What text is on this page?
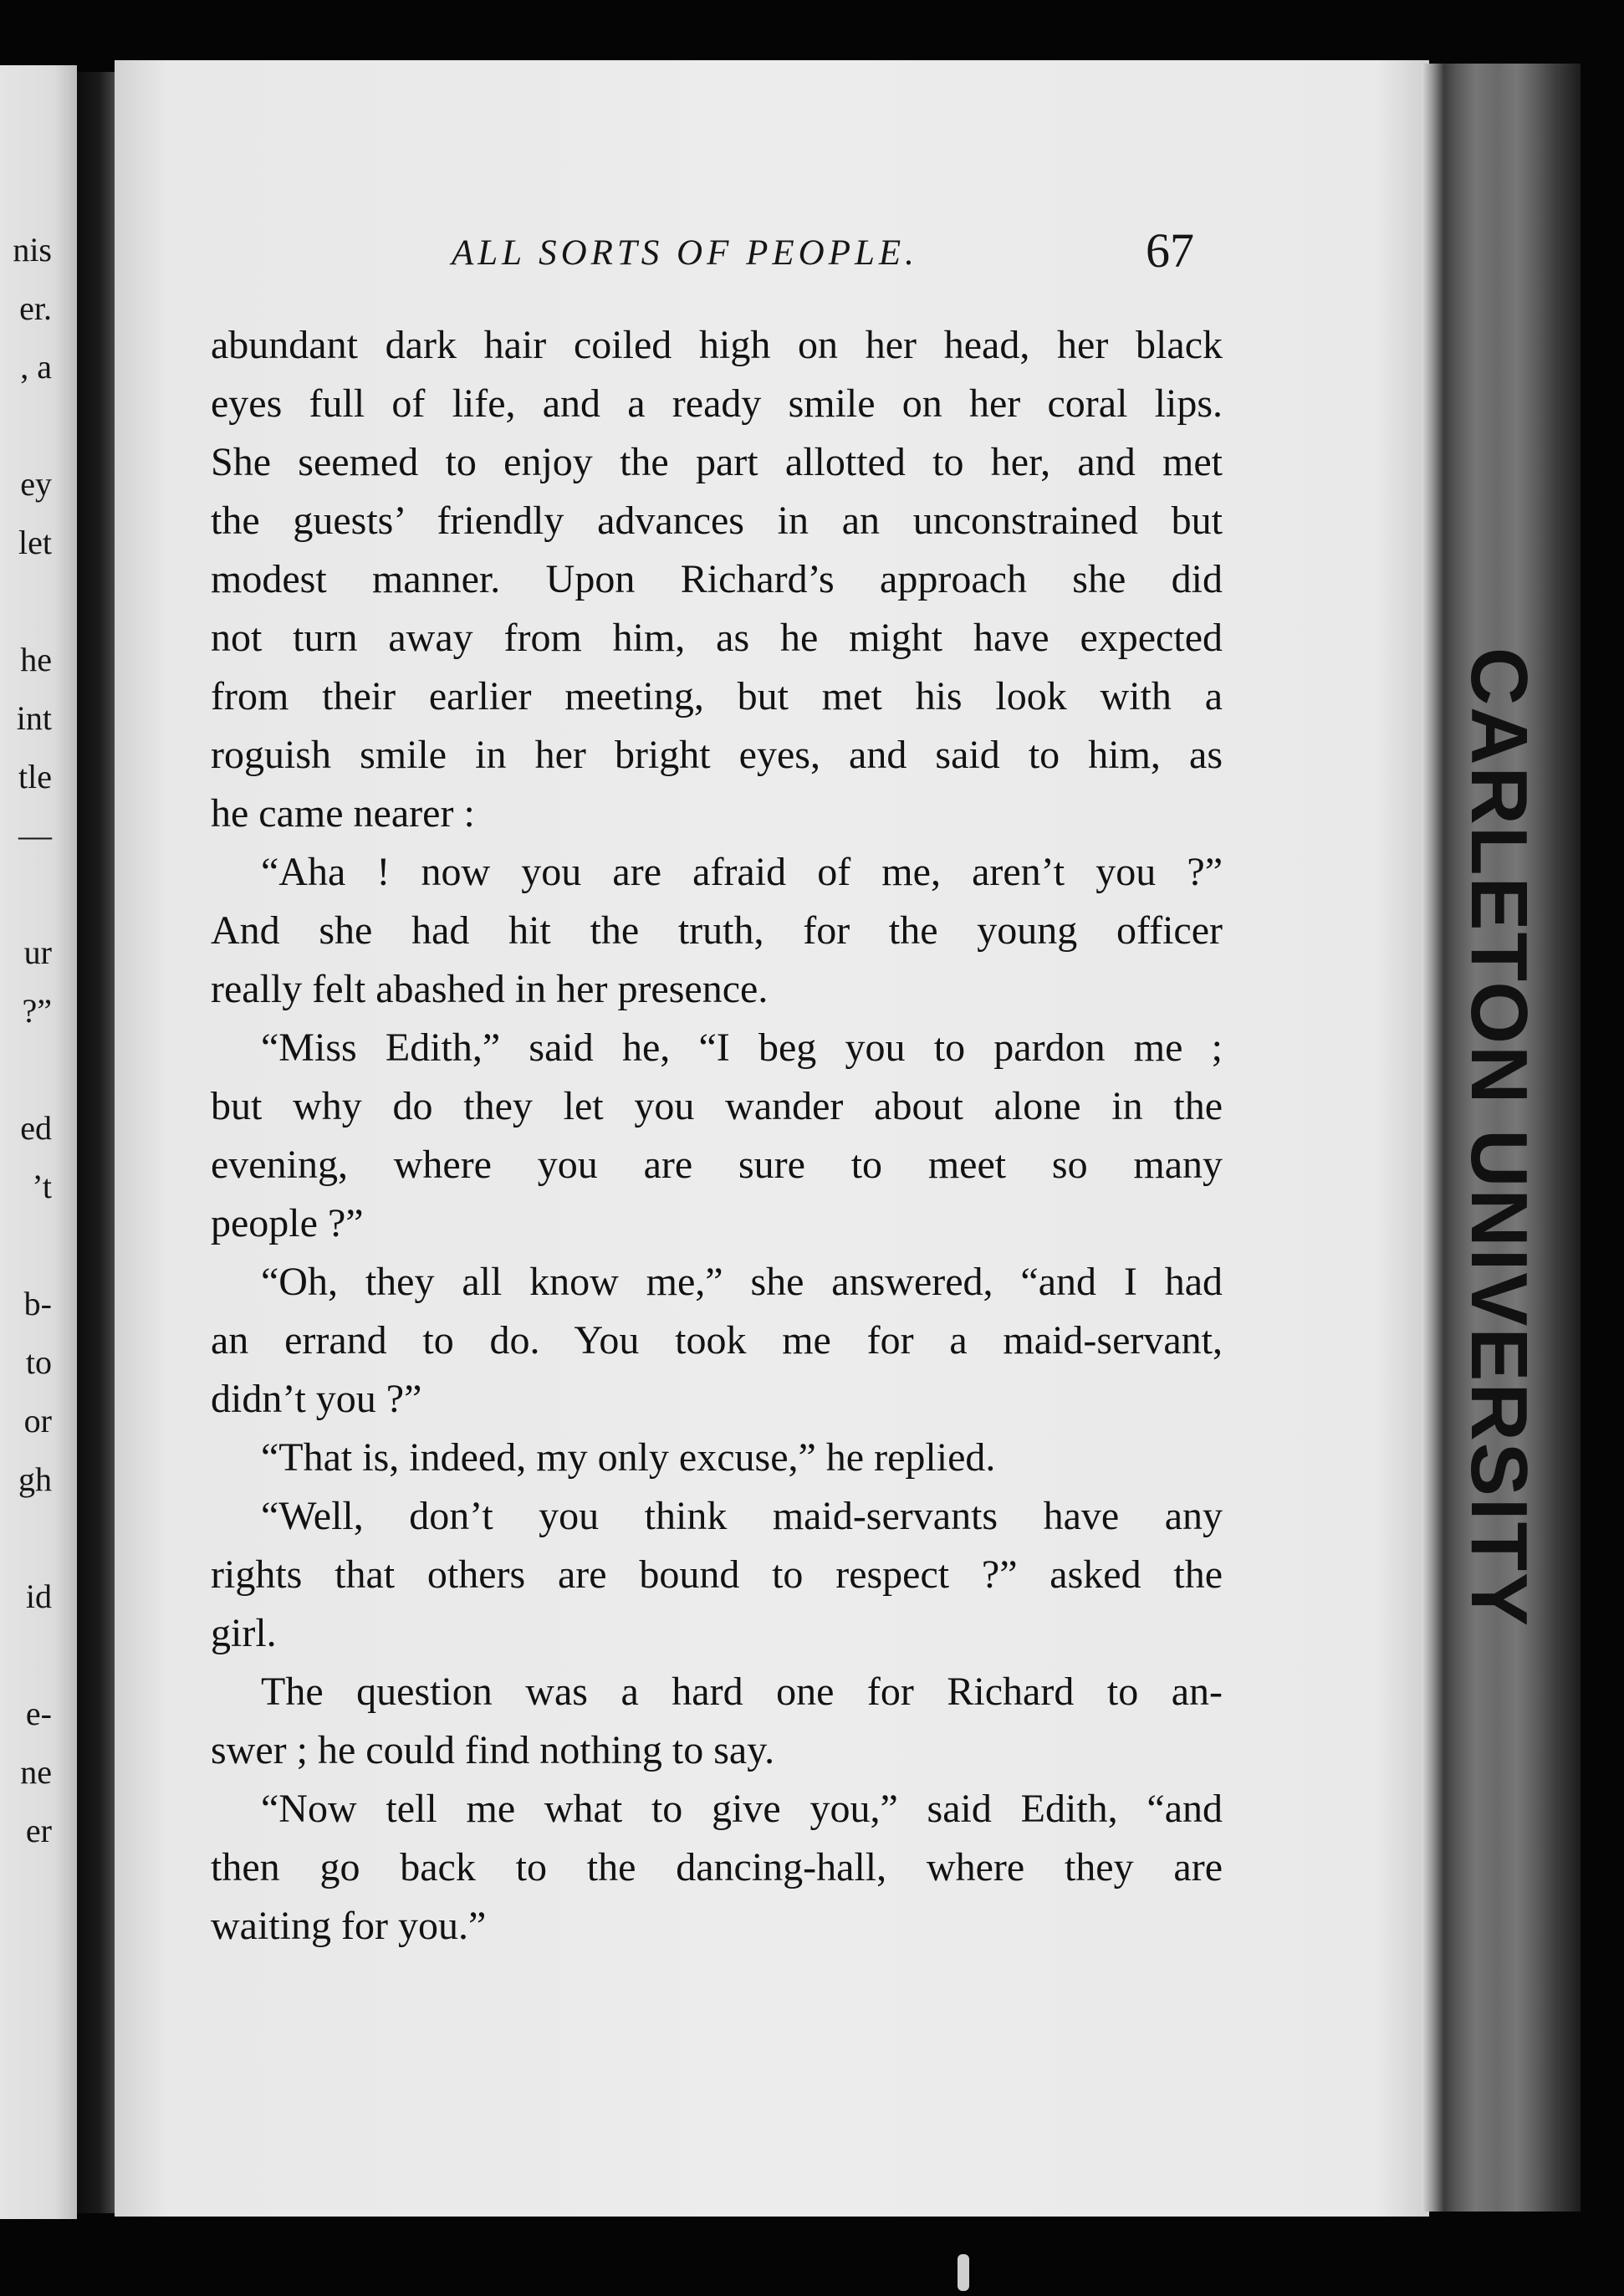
nis
er.
, a
ey
let
he
int
tle
—
ur
?”
ed
’t
b-
to
or
gh
id
e-
ne
er
CARLETON UNIVERSITY
ALL SORTS OF PEOPLE.	67
abundant dark hair coiled high on her head, her black
eyes full of life, and a ready smile on her coral lips.
She seemed to enjoy the part allotted to her, and met
the guests’ friendly advances in an unconstrained but
modest manner. Upon Richard’s approach she did
not turn away from him, as he might have expected
from their earlier meeting, but met his look with a
roguish smile in her bright eyes, and said to him, as
he came nearer :
“Aha ! now you are afraid of me, aren’t you ?”
And she had hit the truth, for the young officer
really felt abashed in her presence.
“Miss Edith,” said he, “I beg you to pardon me ;
but why do they let you wander about alone in the
evening, where you are sure to meet so many
people ?”
“Oh, they all know me,” she answered, “and I had
an errand to do. You took me for a maid-servant,
didn’t you ?”
“That is, indeed, my only excuse,” he replied.
“Well, don’t you think maid-servants have any
rights that others are bound to respect ?” asked the
girl.
The question was a hard one for Richard to an-
swer ; he could find nothing to say.
“Now tell me what to give you,” said Edith, “and
then go back to the dancing-hall, where they are
waiting for you.”
